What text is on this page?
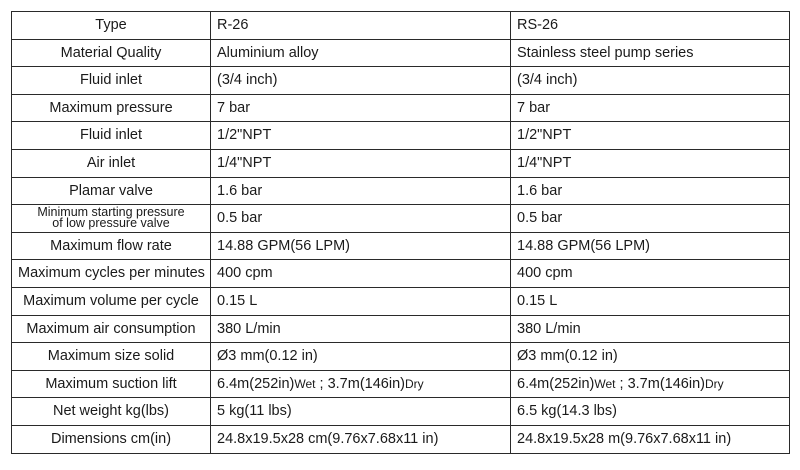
Type	R-26	RS-26
Material Quality	Aluminium alloy	Stainless steel pump series
Fluid inlet	(3/4 inch)	(3/4 inch)
Maximum pressure	7 bar	7 bar
Fluid inlet	1/2"NPT	1/2"NPT
Air inlet	1/4"NPT	1/4"NPT
Plamar valve	1.6 bar	1.6 bar

Minimum starting pressure
of low pressure valve	0.5 bar	0.5 bar
Maximum flow rate	14.88 GPM(56 LPM)	14.88 GPM(56 LPM)
Maximum cycles per minutes	400 cpm	400 cpm
Maximum volume per cycle	0.15 L	0.15 L
Maximum air consumption	380 L/min	380 L/min
Maximum size solid	Ø3 mm(0.12 in)	Ø3 mm(0.12 in)
Maximum suction lift	6.4m(252in)Wet ; 3.7m(146in)Dry	6.4m(252in)Wet ; 3.7m(146in)Dry
Net weight kg(lbs)	5 kg(11 lbs)	6.5 kg(14.3 lbs)
Dimensions cm(in)	24.8x19.5x28 cm(9.76x7.68x11 in)	24.8x19.5x28 m(9.76x7.68x11 in)
